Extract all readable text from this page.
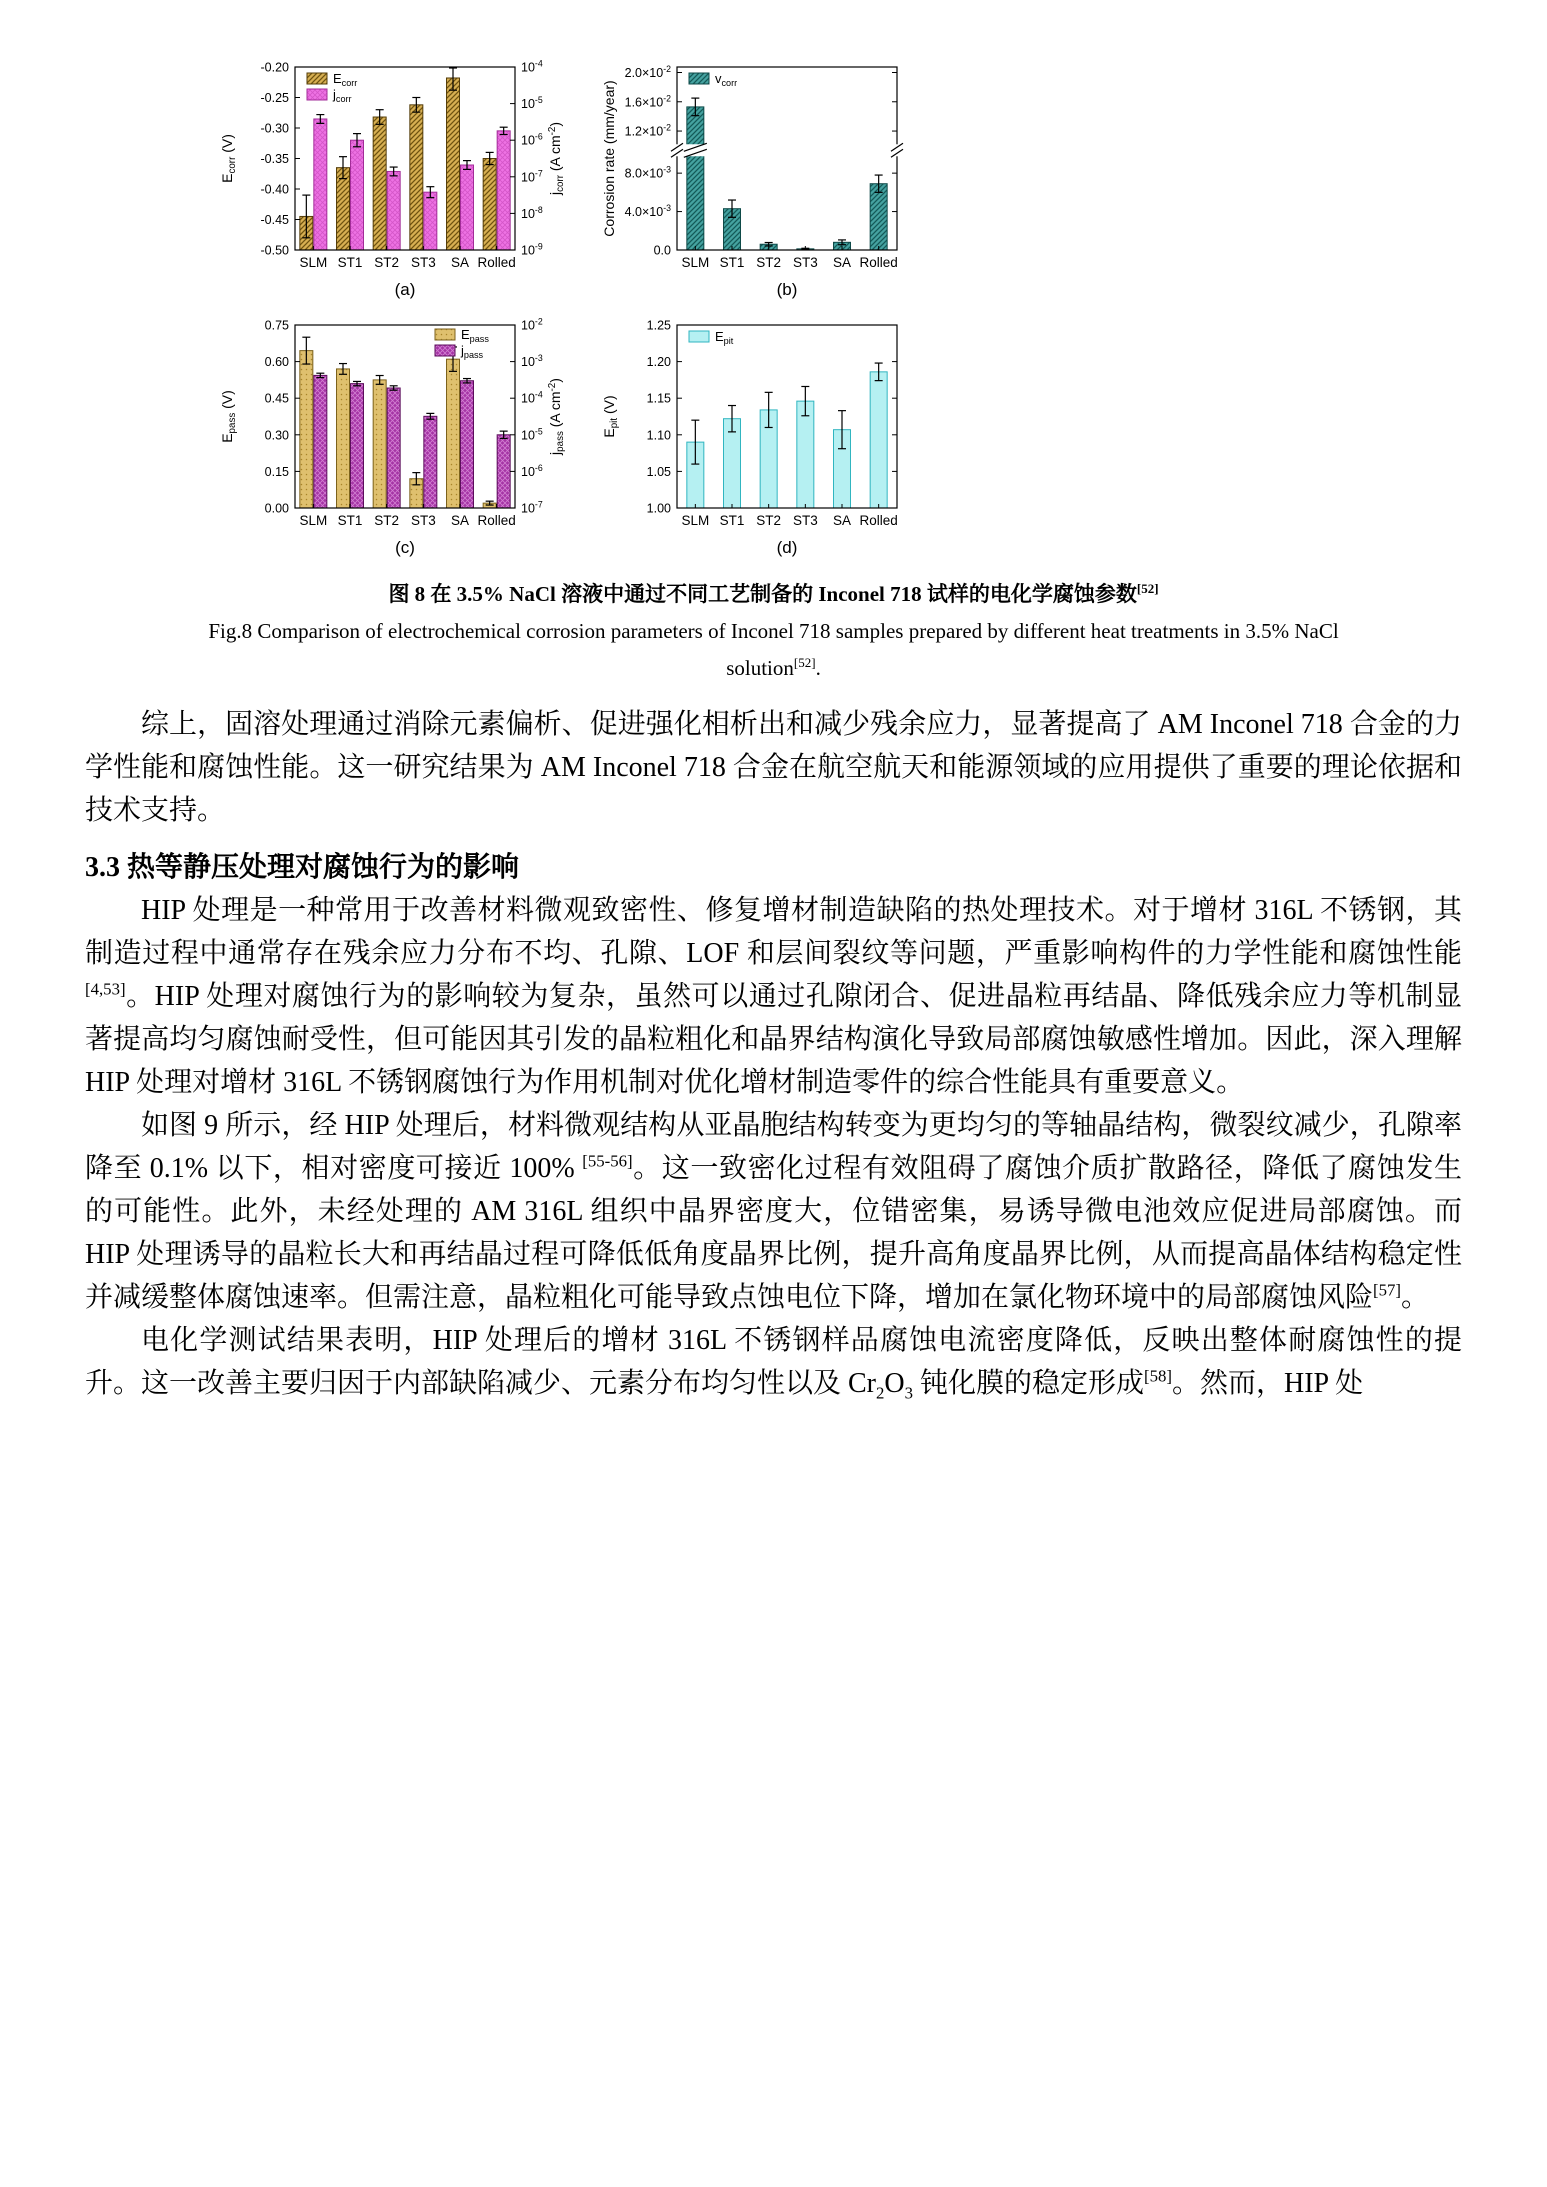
-0.20
-0.25
-0.30
-0.35
-0.40
-0.45
-0.50
$10^{-4}$
$10^{-5}$
$10^{-6}$
$10^{-7}$
$10^{-8}$
$10^{-9}$
SLM ST1 ST2 ST3 SA Rolled
$E_{corr}$ (V)
$j_{corr}$ (A $cm^{-2}$)
$E_{corr}$
$j_{corr}$
(a)
0.0
$4.0\times 10^{-3}$
$8.0\times 10^{-3}$
$1.2\times 10^{-2}$
$1.6\times 10^{-2}$
$2.0\times 10^{-2}$
SLM ST1 ST2 ST3 SA Rolled
Corrosion rate (mm/year)
$v_{corr}$
(b)
0.00
0.15
0.30
0.45
0.60
0.75	$10^{-2}$
$10^{-3}$
$10^{-4}$
$10^{-5}$
$10^{-6}$
$10^{-7}$
SLM ST1 ST2 ST3 SA Rolled
$E_{pass}$ (V)
$j_{pass}$ (A $cm^{-2}$)
$E_{pass}$
$j_{pass}$
(c)
1.00
1.05
1.10
1.15
1.20
1.25
SLM ST1 ST2 ST3 SA Rolled
$E_{pit}$ (V)
$E_{pit}$
(d)
图 8 在 3.5% NaCl 溶液中通过不同工艺制备的 Inconel 718 试样的电化学腐蚀参数[52]
Fig.8 Comparison of electrochemical corrosion parameters of Inconel 718 samples prepared by different heat treatments in 3.5% NaCl solution[52].

综上，固溶处理通过消除元素偏析、促进强化相析出和减少残余应力，显著提高了 AM Inconel 718 合金的力学性能和腐蚀性能。这一研究结果为 AM Inconel 718 合金在航空航天和能源领域的应用提供了重要的理论依据和技术支持。

3.3 热等静压处理对腐蚀行为的影响

HIP 处理是一种常用于改善材料微观致密性、修复增材制造缺陷的热处理技术。对于增材 316L 不锈钢，其制造过程中通常存在残余应力分布不均、孔隙、LOF 和层间裂纹等问题，严重影响构件的力学性能和腐蚀性能[4,53]。HIP 处理对腐蚀行为的影响较为复杂，虽然可以通过孔隙闭合、促进晶粒再结晶、降低残余应力等机制显著提高均匀腐蚀耐受性，但可能因其引发的晶粒粗化和晶界结构演化导致局部腐蚀敏感性增加。因此，深入理解 HIP 处理对增材 316L 不锈钢腐蚀行为作用机制对优化增材制造零件的综合性能具有重要意义。

如图 9 所示，经 HIP 处理后，材料微观结构从亚晶胞结构转变为更均匀的等轴晶结构，微裂纹减少，孔隙率降至 0.1% 以下，相对密度可接近 100% [55-56]。这一致密化过程有效阻碍了腐蚀介质扩散路径，降低了腐蚀发生的可能性。此外，未经处理的 AM 316L 组织中晶界密度大，位错密集，易诱导微电池效应促进局部腐蚀。而 HIP 处理诱导的晶粒长大和再结晶过程可降低低角度晶界比例，提升高角度晶界比例，从而提高晶体结构稳定性并减缓整体腐蚀速率。但需注意，晶粒粗化可能导致点蚀电位下降，增加在氯化物环境中的局部腐蚀风险[57]。

电化学测试结果表明，HIP 处理后的增材 316L 不锈钢样品腐蚀电流密度降低，反映出整体耐腐蚀性的提升。这一改善主要归因于内部缺陷减少、元素分布均匀性以及 $Cr_2O_3$ 钝化膜的稳定形成[58]。然而，HIP 处
